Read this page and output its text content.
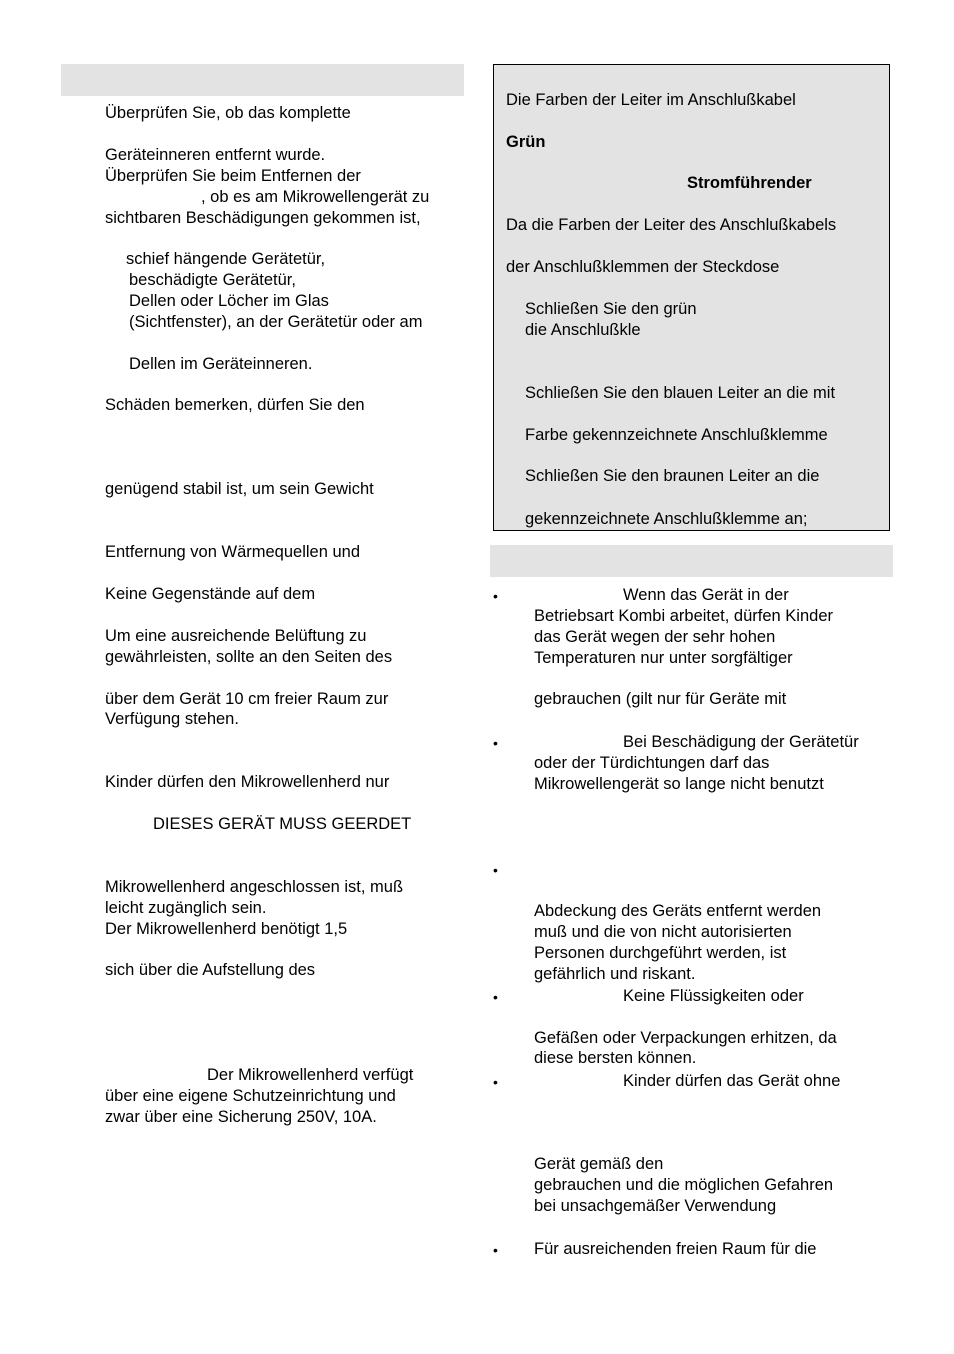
Überprüfen Sie, ob das komplette
Geräteinneren entfernt wurde.
Überprüfen Sie beim Entfernen der
, ob es am Mikrowellengerät zu
sichtbaren Beschädigungen gekommen ist,
schief hängende Gerätetür,
beschädigte Gerätetür,
Dellen oder Löcher im Glas
(Sichtfenster), an der Gerätetür oder am
Dellen im Geräteinneren.
Schäden bemerken, dürfen Sie den
genügend stabil ist, um sein Gewicht
Entfernung von Wärmequellen und
Keine Gegenstände auf dem
Um eine ausreichende Belüftung zu
gewährleisten, sollte an den Seiten des
über dem Gerät 10 cm freier Raum zur
Verfügung stehen.
Kinder dürfen den Mikrowellenherd nur
DIESES GERÄT MUSS GEERDET
Mikrowellenherd angeschlossen ist, muß
leicht zugänglich sein.
Der Mikrowellenherd benötigt 1,5
sich über die Aufstellung des
Der Mikrowellenherd verfügt
über eine eigene Schutzeinrichtung und
zwar über eine Sicherung 250V, 10A.
Die Farben der Leiter im Anschlußkabel
Grün
Stromführender
Da die Farben der Leiter des Anschlußkabels
der Anschlußklemmen der Steckdose
Schließen Sie den grün
die Anschlußkle
Schließen Sie den blauen Leiter an die mit
Farbe gekennzeichnete Anschlußklemme
Schließen Sie den braunen Leiter an die
gekennzeichnete Anschlußklemme an;
•	Wenn das Gerät in der
Betriebsart Kombi arbeitet, dürfen Kinder
das Gerät wegen der sehr hohen
Temperaturen nur unter sorgfältiger
gebrauchen (gilt nur für Geräte mit
•	Bei Beschädigung der Gerätetür
oder der Türdichtungen darf das
Mikrowellengerät so lange nicht benutzt
•
Abdeckung des Geräts entfernt werden
muß und die von nicht autorisierten
Personen durchgeführt werden, ist
gefährlich und riskant.
•	Keine Flüssigkeiten oder
Gefäßen oder Verpackungen erhitzen, da
diese bersten können.
•	Kinder dürfen das Gerät ohne
Gerät gemäß den
gebrauchen und die möglichen Gefahren
bei unsachgemäßer Verwendung
• Für ausreichenden freien Raum für die
